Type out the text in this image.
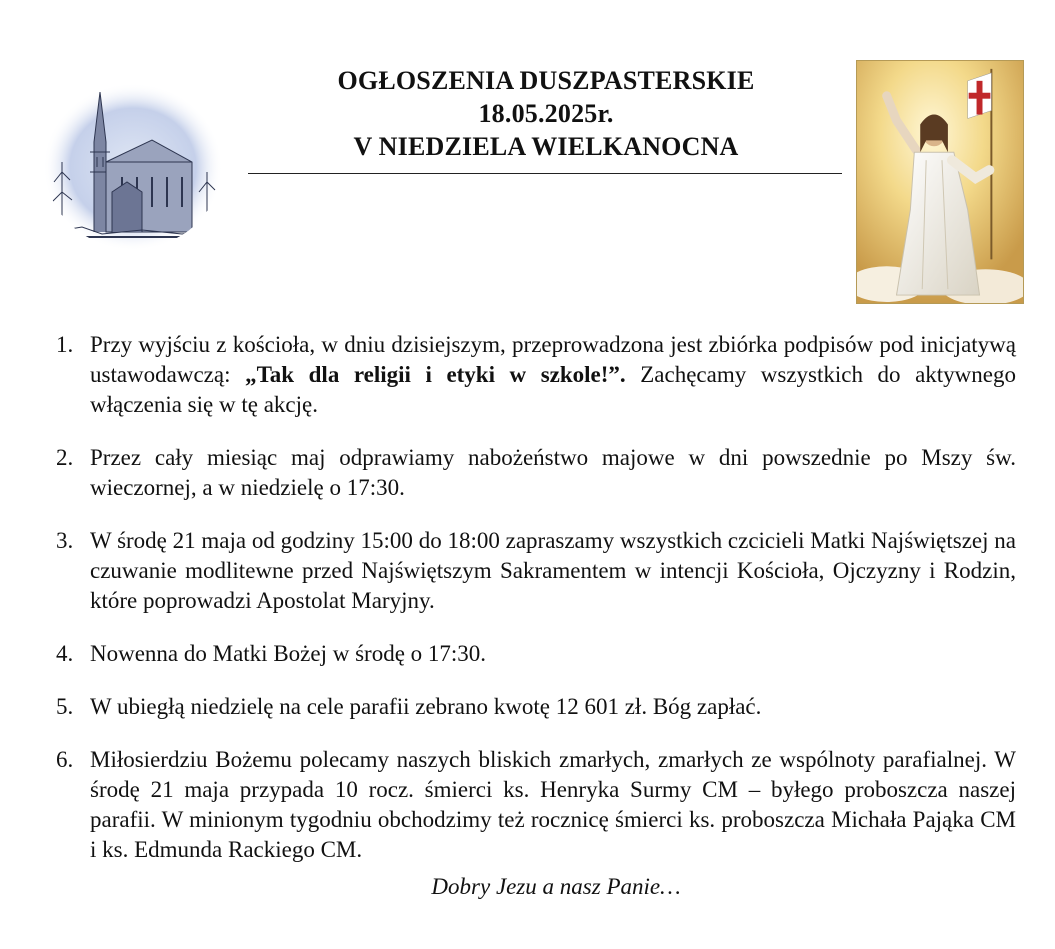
OGŁOSZENIA DUSZPASTERSKIE
18.05.2025r.
V NIEDZIELA WIELKANOCNA
1. Przy wyjściu z kościoła, w dniu dzisiejszym, przeprowadzona jest zbiórka podpisów pod inicjatywą ustawodawczą: „Tak dla religii i etyki w szkole!”. Zachęcamy wszystkich do aktywnego włączenia się w tę akcję.
2. Przez cały miesiąc maj odprawiamy nabożeństwo majowe w dni powszednie po Mszy św. wieczornej, a w niedzielę o 17:30.
3. W środę 21 maja od godziny 15:00 do 18:00 zapraszamy wszystkich czcicieli Matki Najświętszej na czuwanie modlitewne przed Najświętszym Sakramentem w intencji Kościoła, Ojczyzny i Rodzin, które poprowadzi Apostolat Maryjny.
4. Nowenna do Matki Bożej w środę o 17:30.
5. W ubiegłą niedzielę na cele parafii zebrano kwotę 12 601 zł. Bóg zapłać.
6. Miłosierdziu Bożemu polecamy naszych bliskich zmarłych, zmarłych ze wspólnoty parafialnej. W środę 21 maja przypada 10 rocz. śmierci ks. Henryka Surmy CM – byłego proboszcza naszej parafii. W minionym tygodniu obchodzimy też rocznicę śmierci ks. proboszcza Michała Pająka CM i ks. Edmunda Rackiego CM.
Dobry Jezu a nasz Panie…
